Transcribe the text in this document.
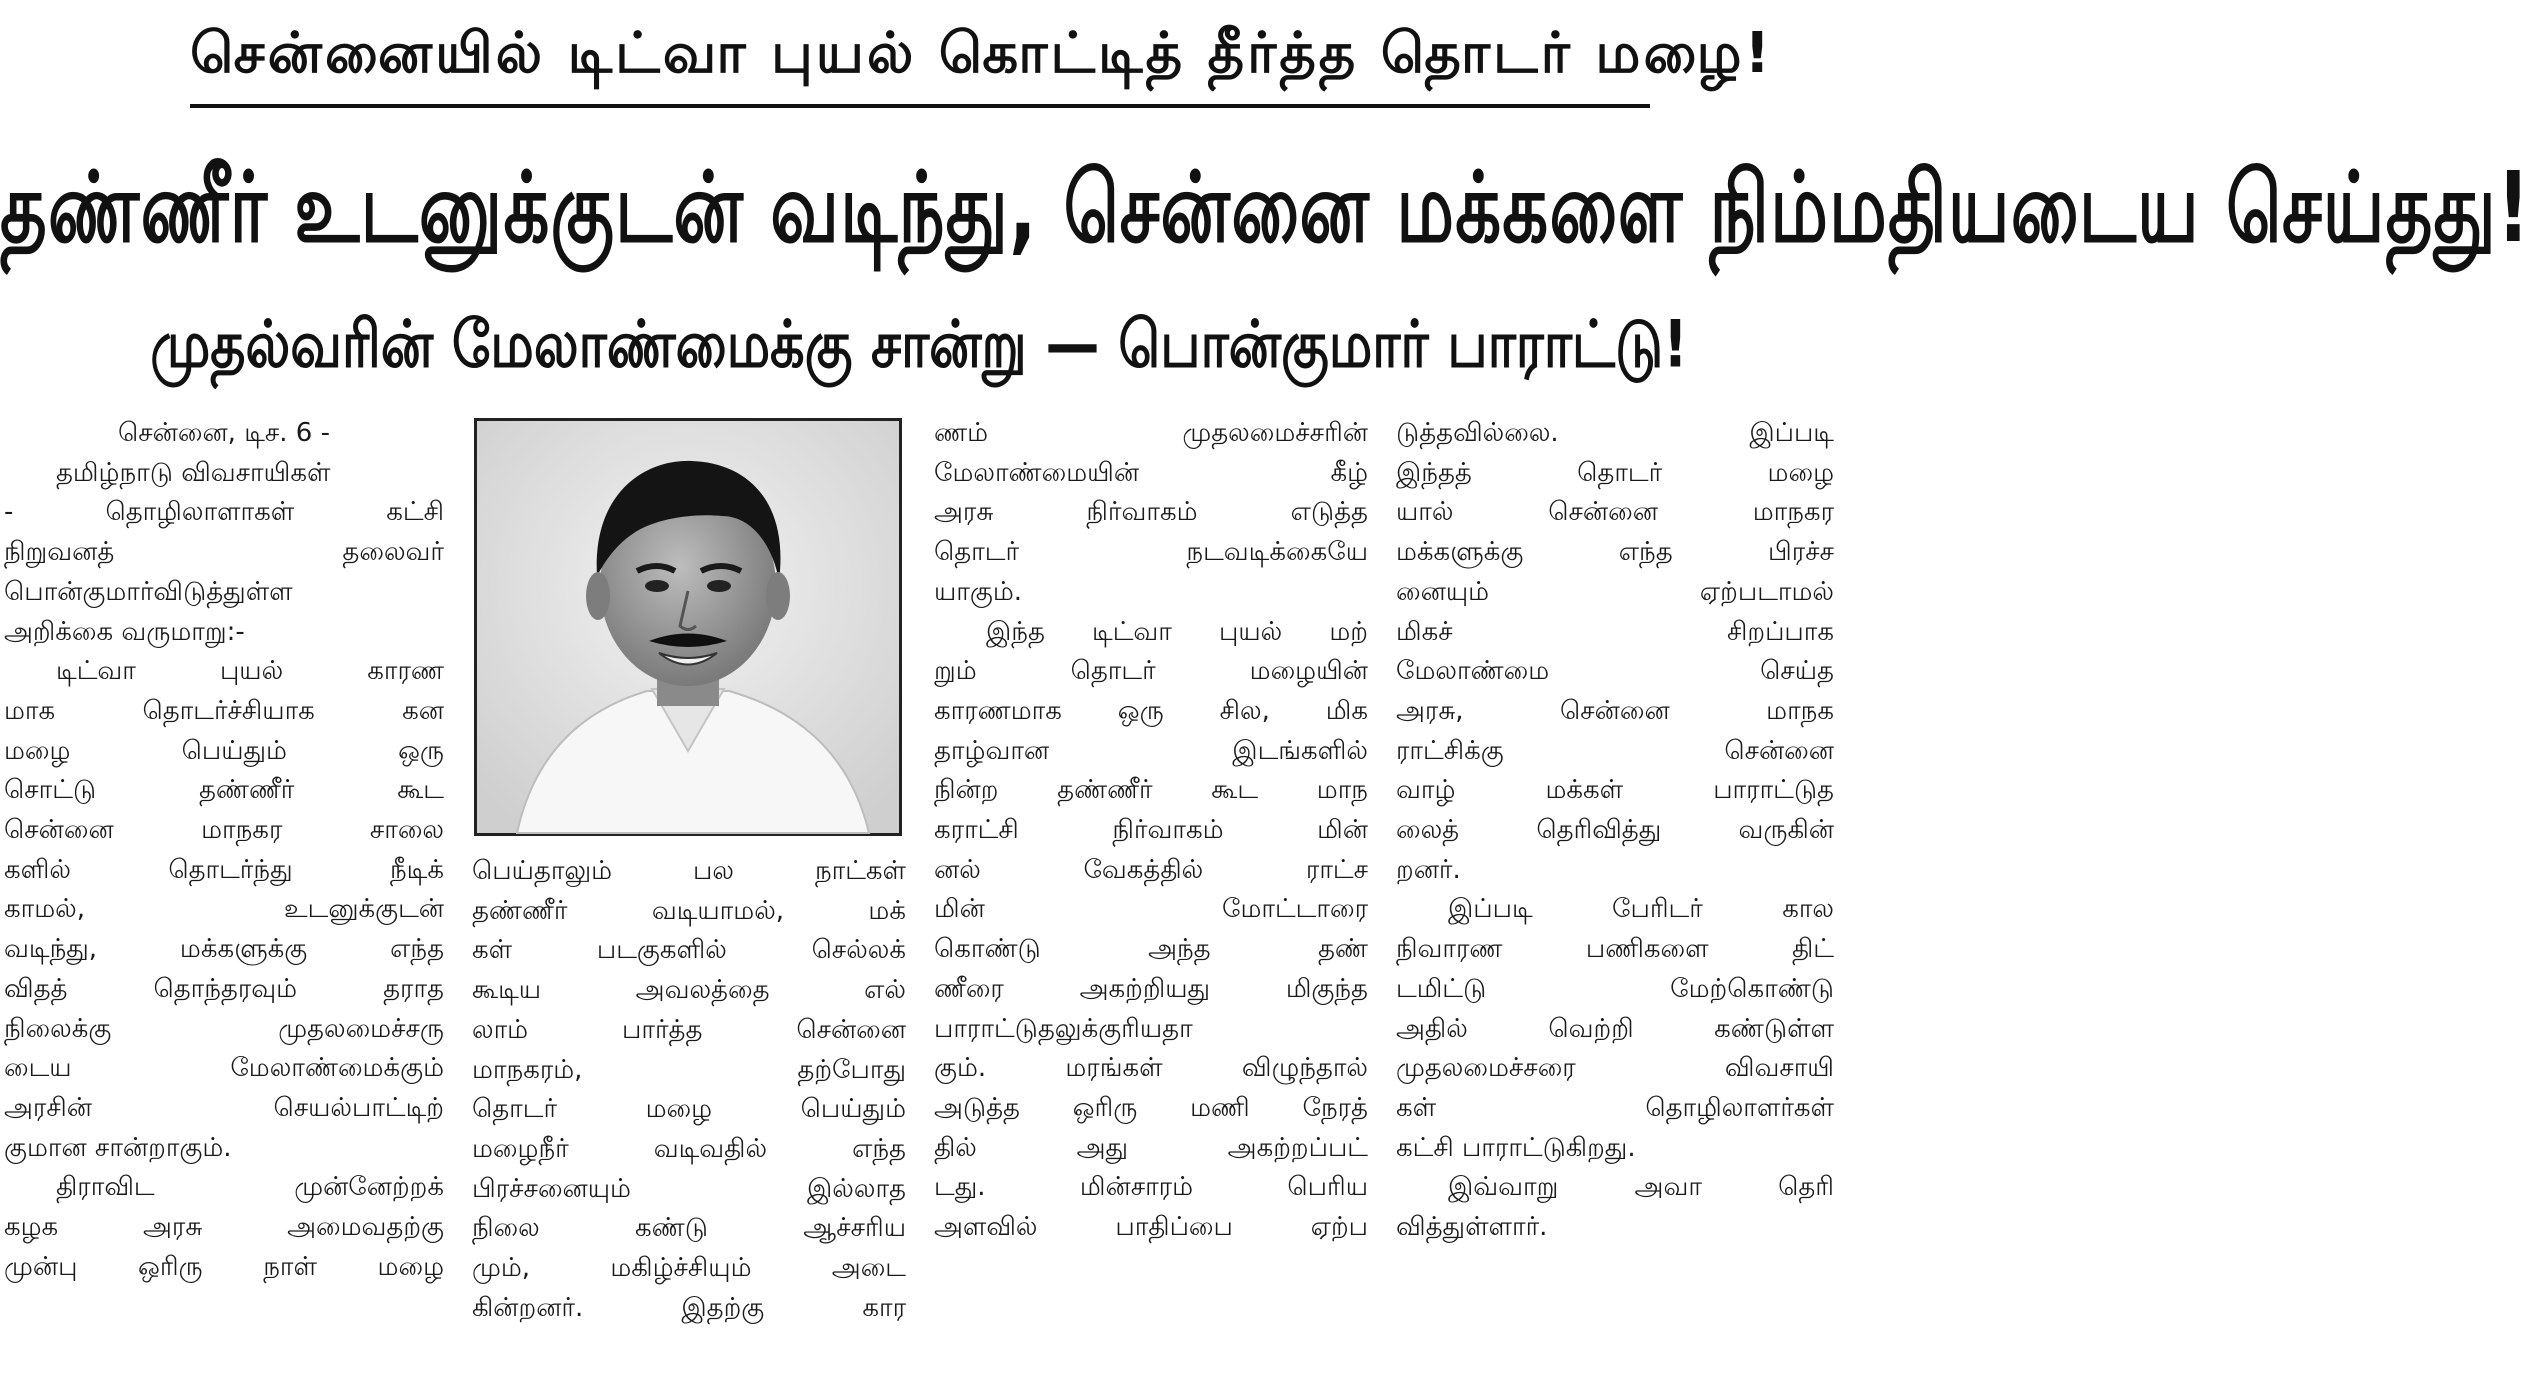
சென்னையில் டிட்வா புயல் கொட்டித் தீர்த்த தொடர் மழை!
தண்ணீர் உடனுக்குடன் வடிந்து, சென்னை மக்களை நிம்மதியடைய செய்தது!
முதல்வரின் மேலாண்மைக்கு சான்று — பொன்குமார் பாராட்டு!

சென்னை, டிச. 6 -

தமிழ்நாடு விவசாயிகள்

- தொழிலாளாகள் கட்சி

நிறுவனத் தலைவர்

பொன்குமார்விடுத்துள்ள

அறிக்கை வருமாறு:-

டிட்வா புயல் காரண

மாக தொடர்ச்சியாக கன

மழை பெய்தும் ஒரு

சொட்டு தண்ணீர் கூட

சென்னை மாநகர சாலை

களில் தொடர்ந்து நீடிக்

காமல், உடனுக்குடன்

வடிந்து, மக்களுக்கு எந்த

விதத் தொந்தரவும் தராத

நிலைக்கு முதலமைச்சரு

டைய மேலாண்மைக்கும்

அரசின் செயல்பாட்டிற்

குமான சான்றாகும்.

திராவிட முன்னேற்றக்

கழக அரசு அமைவதற்கு

முன்பு ஒரிரு நாள் மழை

பெய்தாலும் பல நாட்கள்

தண்ணீர் வடியாமல், மக்

கள் படகுகளில் செல்லக்

கூடிய அவலத்தை எல்

லாம் பார்த்த சென்னை

மாநகரம், தற்போது

தொடர் மழை பெய்தும்

மழைநீர் வடிவதில் எந்த

பிரச்சனையும் இல்லாத

நிலை கண்டு ஆச்சரிய

மும், மகிழ்ச்சியும் அடை

கின்றனர். இதற்கு கார

ணம் முதலமைச்சரின்

மேலாண்மையின் கீழ்

அரசு நிர்வாகம் எடுத்த

தொடர் நடவடிக்கையே

யாகும்.

இந்த டிட்வா புயல் மற்

றும் தொடர் மழையின்

காரணமாக ஒரு சில, மிக

தாழ்வான இடங்களில்

நின்ற தண்ணீர் கூட மாந

கராட்சி நிர்வாகம் மின்

னல் வேகத்தில் ராட்ச

மின் மோட்டாரை

கொண்டு அந்த தண்

ணீரை அகற்றியது மிகுந்த

பாராட்டுதலுக்குரியதா

கும். மரங்கள் விழுந்தால்

அடுத்த ஒரிரு மணி நேரத்

தில் அது அகற்றப்பட்

டது. மின்சாரம் பெரிய

அளவில் பாதிப்பை ஏற்ப

டுத்தவில்லை. இப்படி

இந்தத் தொடர் மழை

யால் சென்னை மாநகர

மக்களுக்கு எந்த பிரச்ச

னையும் ஏற்படாமல்

மிகச் சிறப்பாக

மேலாண்மை செய்த

அரசு, சென்னை மாநக

ராட்சிக்கு சென்னை

வாழ் மக்கள் பாராட்டுத

லைத் தெரிவித்து வருகின்

றனர்.

இப்படி பேரிடர் கால

நிவாரண பணிகளை திட்

டமிட்டு மேற்கொண்டு

அதில் வெற்றி கண்டுள்ள

முதலமைச்சரை விவசாயி

கள் தொழிலாளர்கள்

கட்சி பாராட்டுகிறது.

இவ்வாறு அவா தெரி

வித்துள்ளார்.
